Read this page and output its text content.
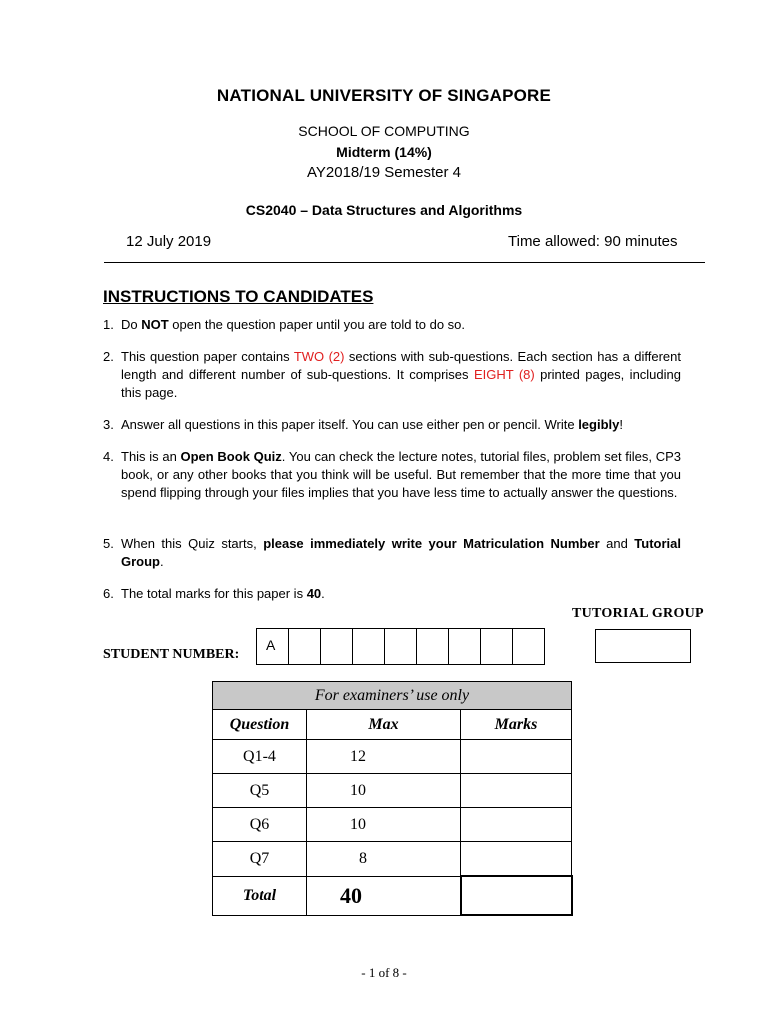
NATIONAL UNIVERSITY OF SINGAPORE
SCHOOL OF COMPUTING
Midterm (14%)
AY2018/19 Semester 4
CS2040 – Data Structures and Algorithms
12 July 2019	Time allowed: 90 minutes
INSTRUCTIONS TO CANDIDATES
1. Do NOT open the question paper until you are told to do so.
2. This question paper contains TWO (2) sections with sub-questions. Each section has a different length and different number of sub-questions. It comprises EIGHT (8) printed pages, including this page.
3. Answer all questions in this paper itself. You can use either pen or pencil. Write legibly!
4. This is an Open Book Quiz. You can check the lecture notes, tutorial files, problem set files, CP3 book, or any other books that you think will be useful. But remember that the more time that you spend flipping through your files implies that you have less time to actually answer the questions.
5. When this Quiz starts, please immediately write your Matriculation Number and Tutorial Group.
6. The total marks for this paper is 40.
TUTORIAL GROUP
STUDENT NUMBER:
A
For examiners’ use only		
Question	Max	Marks
Q1-4	12	
Q5	10	
Q6	10	
Q7	8	
Total	40	
- 1 of 8 -
